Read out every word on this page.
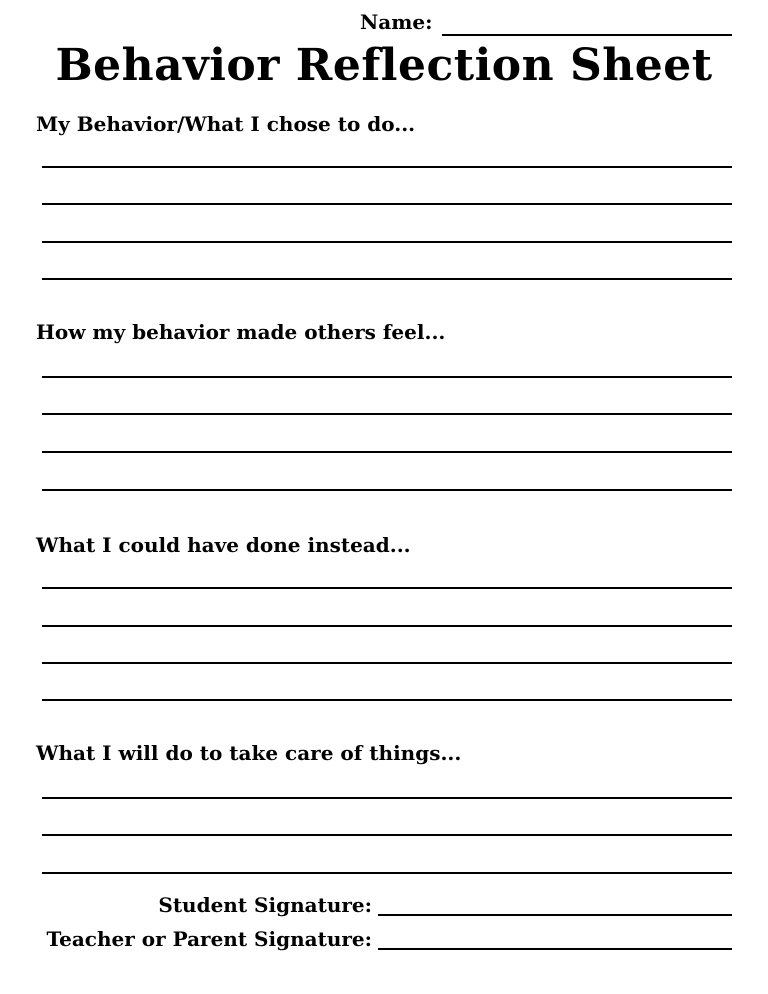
Name:
Behavior Reflection Sheet
My Behavior/What I chose to do...
How my behavior made others feel...
What I could have done instead...
What I will do to take care of things...
Student Signature:
Teacher or Parent Signature:
